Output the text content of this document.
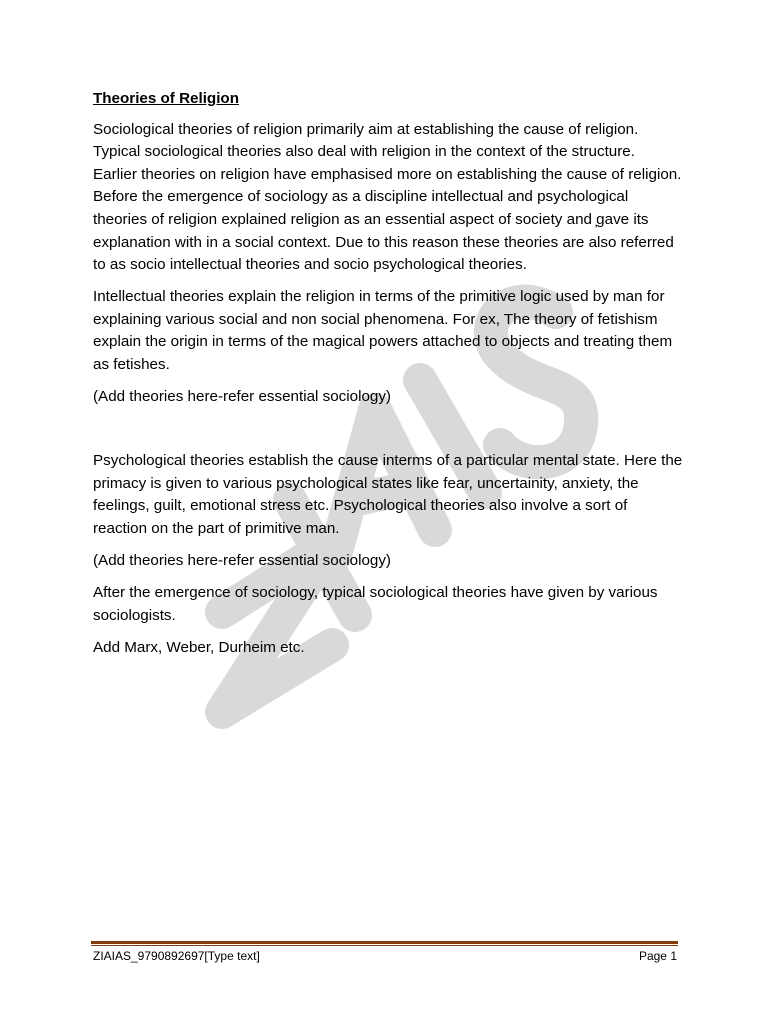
Theories of Religion
Sociological theories of religion primarily aim at establishing the cause of religion. Typical sociological theories also deal with religion in the context of the structure. Earlier theories on religion have emphasised more on establishing the cause of religion. Before the emergence of sociology as a discipline intellectual and psychological theories of religion explained religion as an essential aspect of society and ̦gave its explanation with in a social context. Due to this reason these theories are also referred to as socio intellectual theories and socio psychological theories.
Intellectual theories explain the religion in terms of the primitive logic used by man for explaining various social and non social phenomena. For ex, The theory of fetishism explain the origin in terms of the magical powers attached to objects and treating them as fetishes.
(Add theories here-refer essential sociology)
Psychological theories establish the cause interms of a particular mental state. Here the primacy is given to various psychological states like fear, uncertainity, anxiety, the feelings, guilt, emotional stress etc. Psychological theories also involve a sort of reaction on the part of primitive man.
(Add theories here-refer essential sociology)
After the emergence of sociology, typical sociological theories have given by various sociologists.
Add Marx, Weber, Durheim etc.
ZIAIAS_9790892697[Type text]	Page 1
